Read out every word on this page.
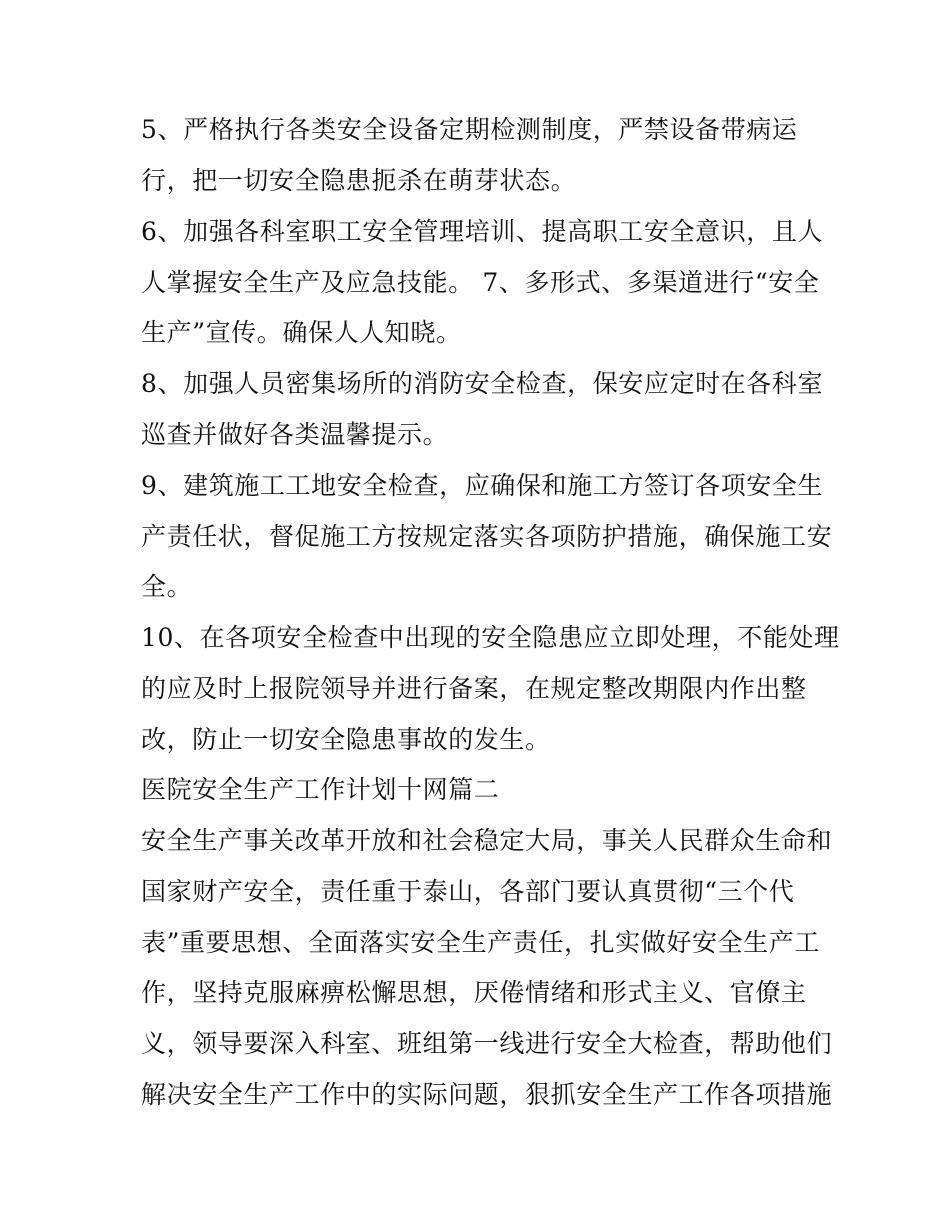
5、严格执行各类安全设备定期检测制度，严禁设备带病运
行，把一切安全隐患扼杀在萌芽状态。
6、加强各科室职工安全管理培训、提高职工安全意识，且人
人掌握安全生产及应急技能。 7、多形式、多渠道进行“安全
生产”宣传。确保人人知晓。
8、加强人员密集场所的消防安全检查，保安应定时在各科室
巡查并做好各类温馨提示。
9、建筑施工工地安全检查，应确保和施工方签订各项安全生
产责任状，督促施工方按规定落实各项防护措施，确保施工安
全。
10、在各项安全检查中出现的安全隐患应立即处理，不能处理
的应及时上报院领导并进行备案，在规定整改期限内作出整
改，防止一切安全隐患事故的发生。
医院安全生产工作计划十网篇二
安全生产事关改革开放和社会稳定大局，事关人民群众生命和
国家财产安全，责任重于泰山，各部门要认真贯彻“三个代
表”重要思想、全面落实安全生产责任，扎实做好安全生产工
作，坚持克服麻痹松懈思想，厌倦情绪和形式主义、官僚主
义，领导要深入科室、班组第一线进行安全大检查，帮助他们
解决安全生产工作中的实际问题，狠抓安全生产工作各项措施
